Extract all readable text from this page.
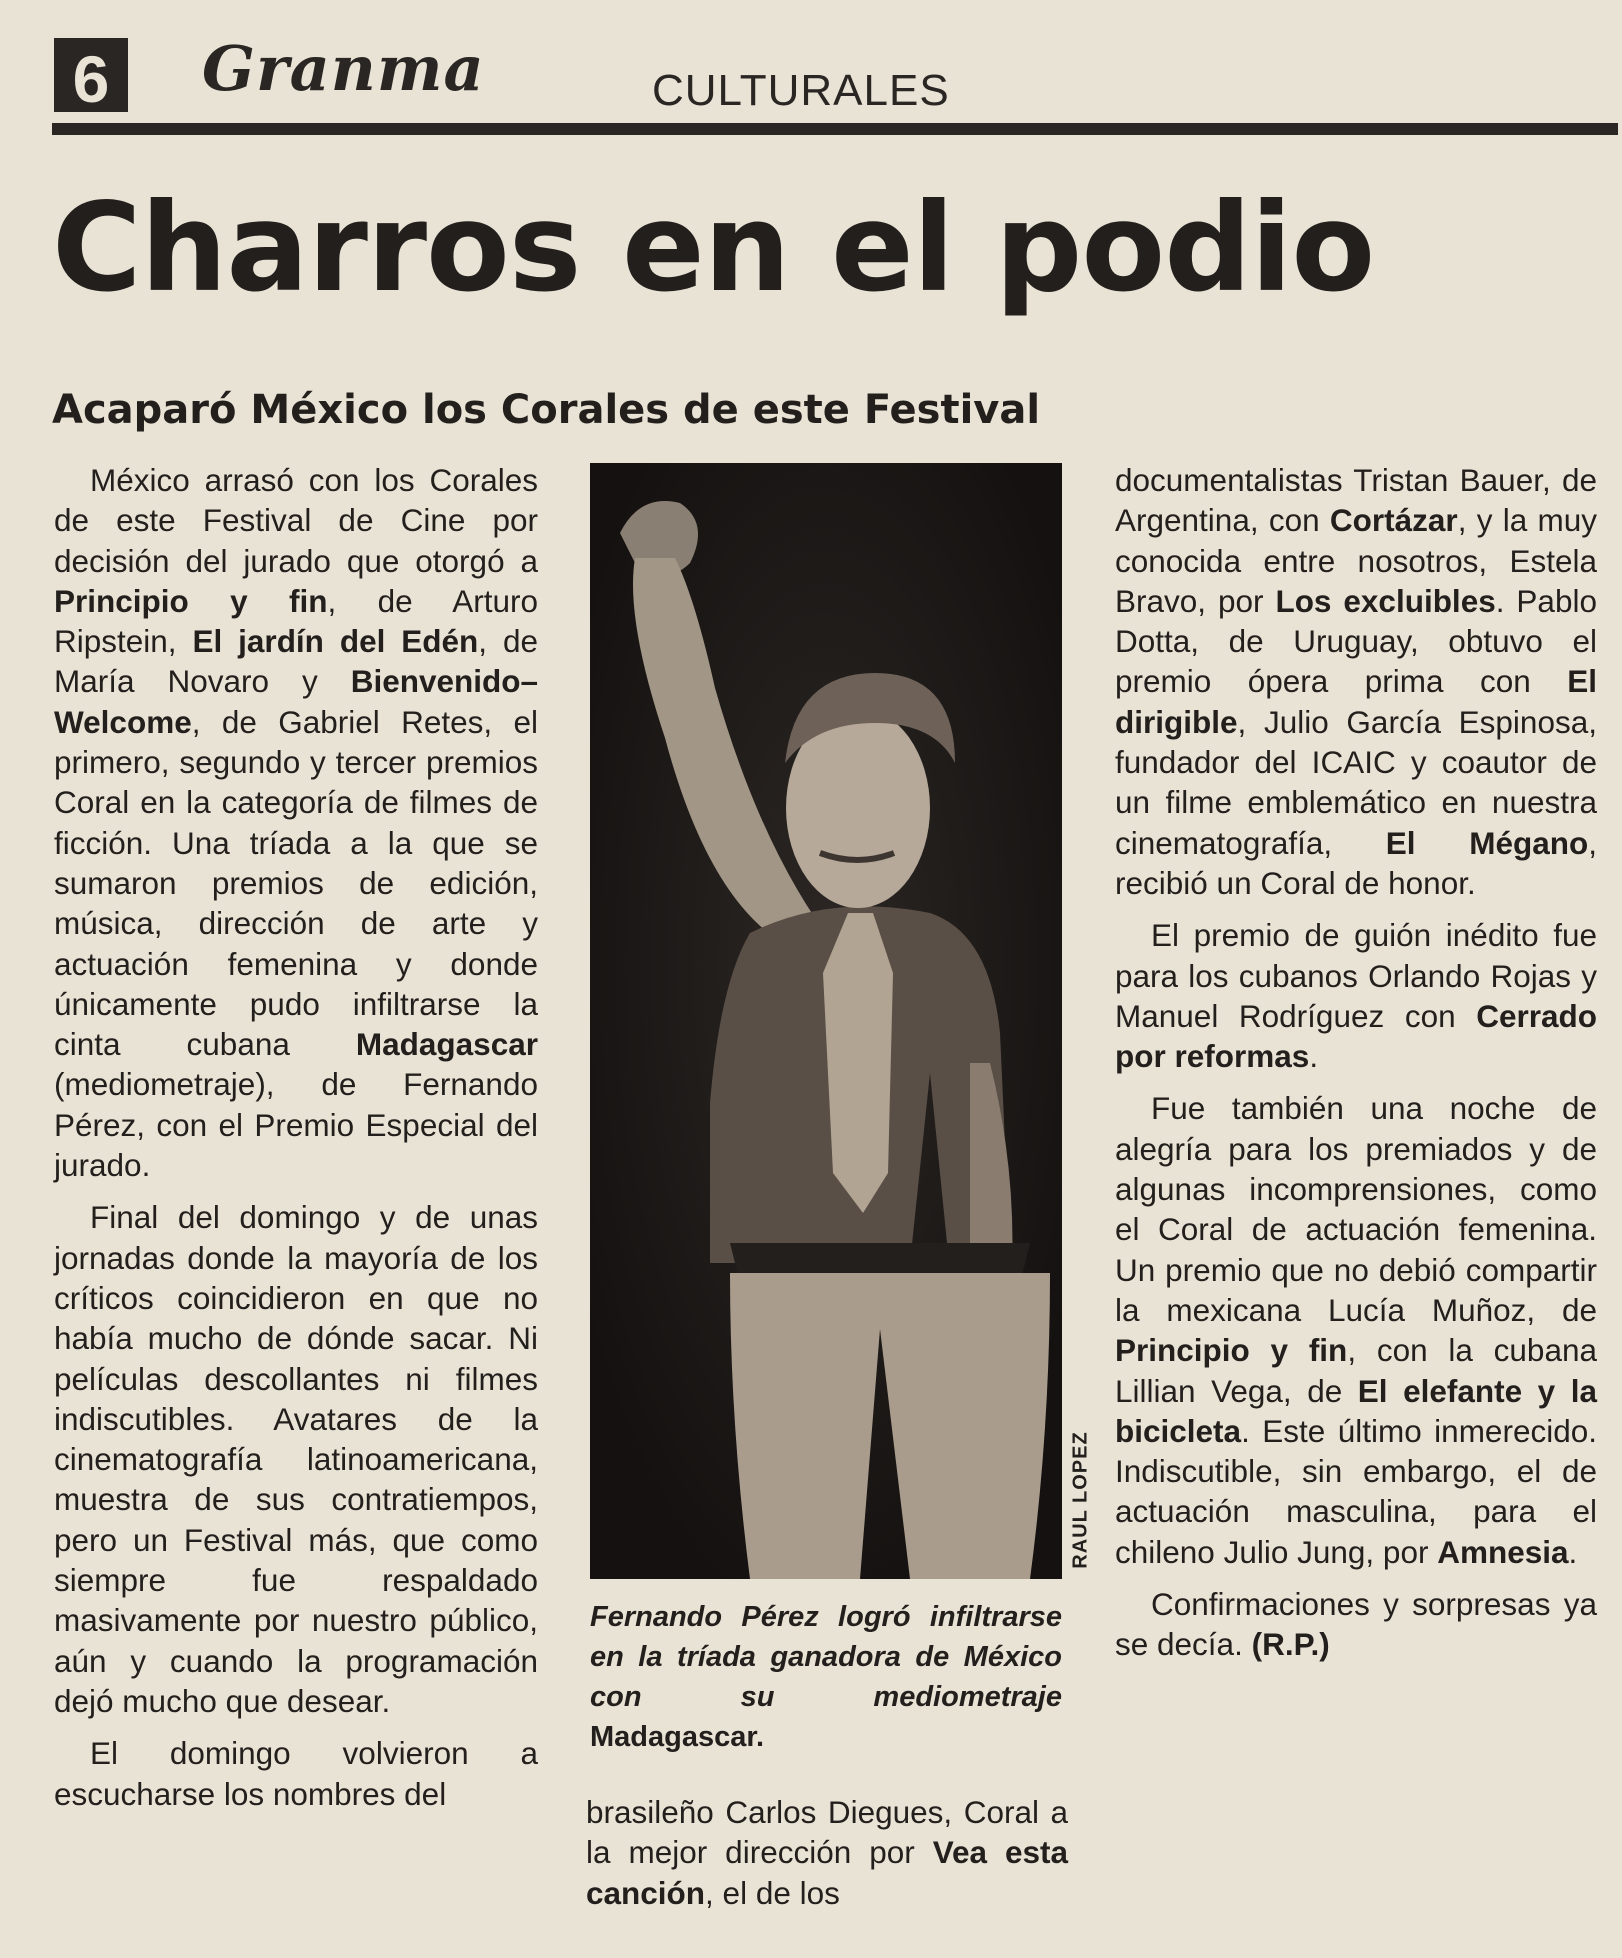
6	Granma	CULTURALES
Charros en el podio
Acaparó México los Corales de este Festival

México arrasó con los Corales de este Festival de Cine por decisión del jurado que otorgó a Principio y fin, de Arturo Ripstein, El jardín del Edén, de María Novaro y Bienvenido–Welcome, de Gabriel Retes, el primero, segundo y tercer premios Coral en la categoría de filmes de ficción. Una tríada a la que se sumaron premios de edición, música, dirección de arte y actuación femenina y donde únicamente pudo infiltrarse la cinta cubana Madagascar (mediometraje), de Fernando Pérez, con el Premio Especial del jurado.

Final del domingo y de unas jornadas donde la mayoría de los críticos coincidieron en que no había mucho de dónde sacar. Ni películas descollantes ni filmes indiscutibles. Avatares de la cinematografía latinoamericana, muestra de sus contratiempos, pero un Festival más, que como siempre fue respaldado masivamente por nuestro público, aún y cuando la programación dejó mucho que desear.

El domingo volvieron a escucharse los nombres del

RAUL LOPEZ

Fernando Pérez logró infiltrarse en la tríada ganadora de México con su mediometraje Madagascar.

brasileño Carlos Diegues, Coral a la mejor dirección por Vea esta canción, el de los

documentalistas Tristan Bauer, de Argentina, con Cortázar, y la muy conocida entre nosotros, Estela Bravo, por Los excluibles. Pablo Dotta, de Uruguay, obtuvo el premio ópera prima con El dirigible, Julio García Espinosa, fundador del ICAIC y coautor de un filme emblemático en nuestra cinematografía, El Mégano, recibió un Coral de honor.

El premio de guión inédito fue para los cubanos Orlando Rojas y Manuel Rodríguez con Cerrado por reformas.

Fue también una noche de alegría para los premiados y de algunas incomprensiones, como el Coral de actuación femenina. Un premio que no debió compartir la mexicana Lucía Muñoz, de Principio y fin, con la cubana Lillian Vega, de El elefante y la bicicleta. Este último inmerecido. Indiscutible, sin embargo, el de actuación masculina, para el chileno Julio Jung, por Amnesia.

Confirmaciones y sorpresas ya se decía. (R.P.)
